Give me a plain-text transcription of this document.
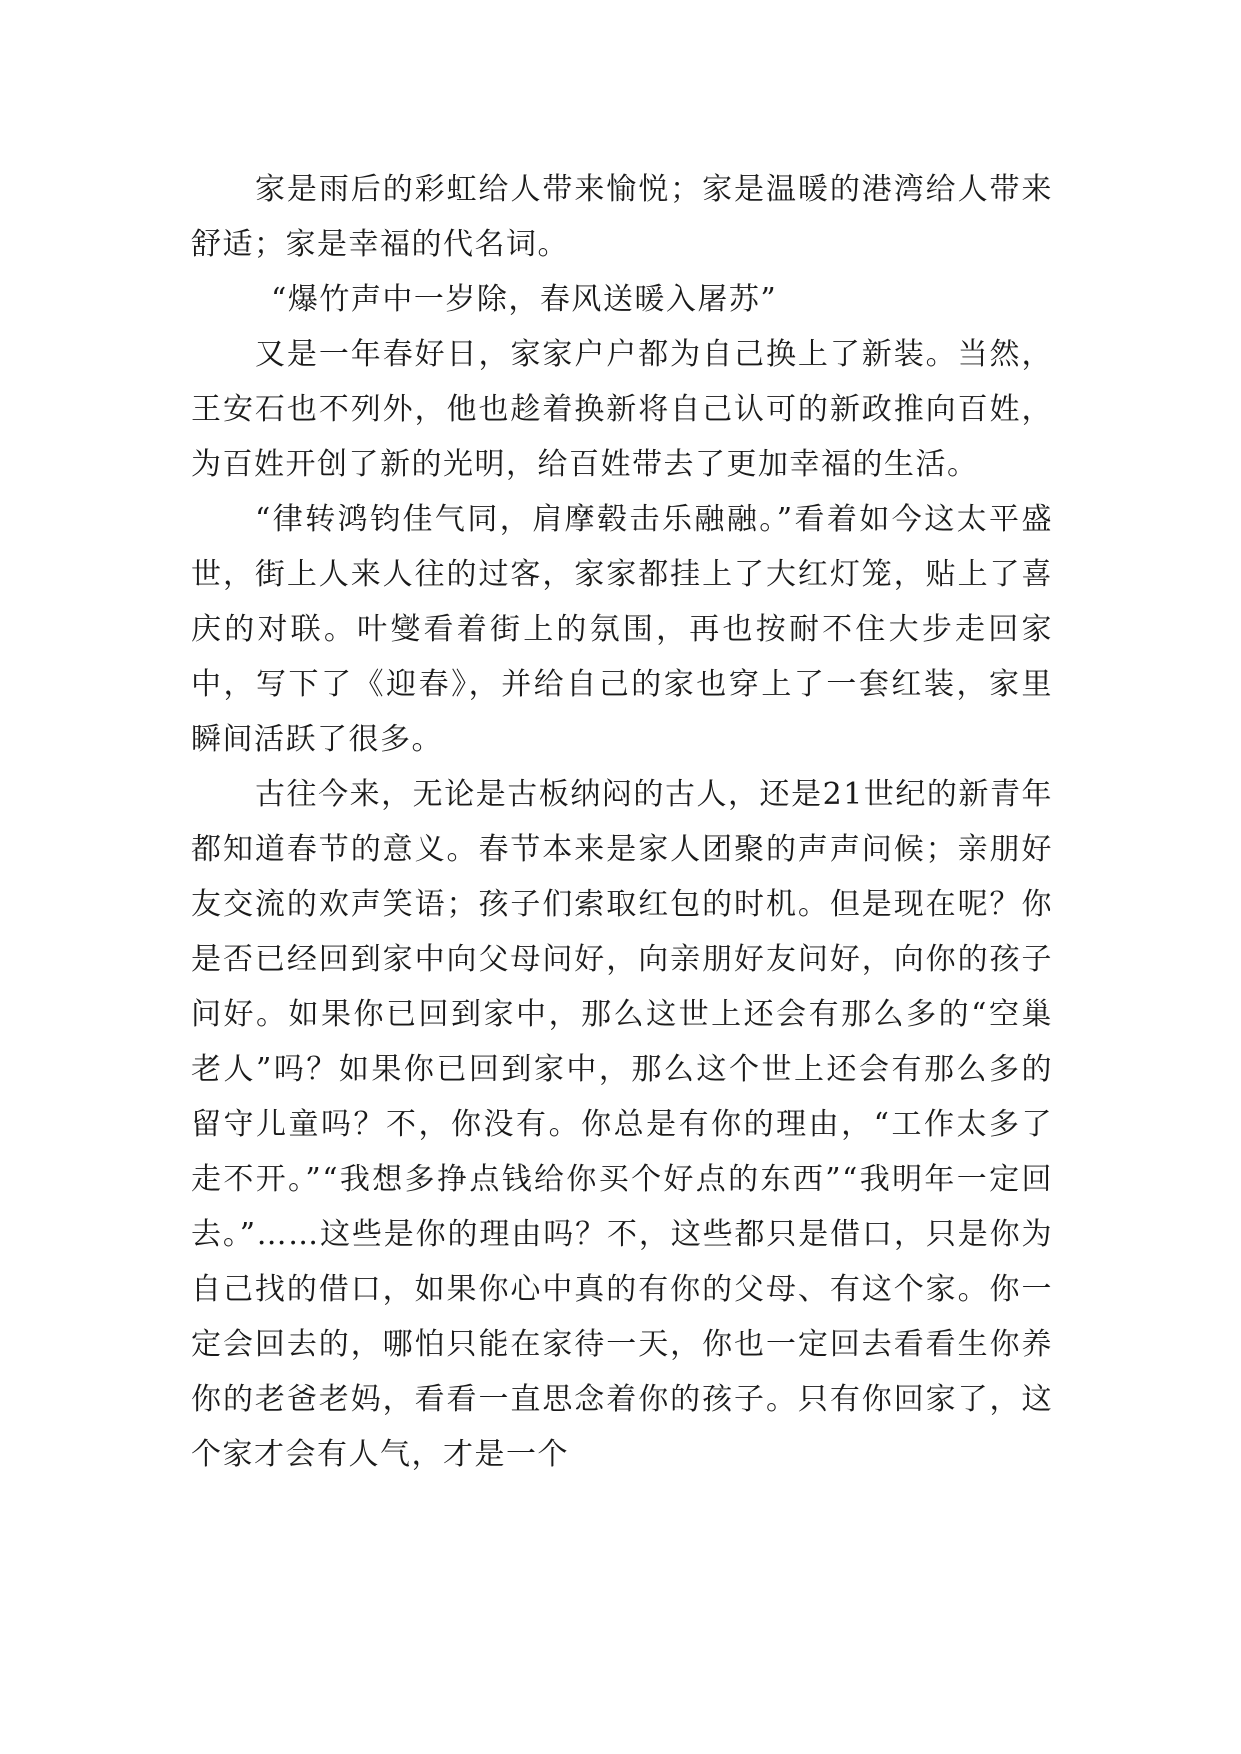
家是雨后的彩虹给人带来愉悦；家是温暖的港湾给人带来舒适；家是幸福的代名词。

“爆竹声中一岁除，春风送暖入屠苏”

又是一年春好日，家家户户都为自己换上了新装。当然，王安石也不列外，他也趁着换新将自己认可的新政推向百姓，为百姓开创了新的光明，给百姓带去了更加幸福的生活。

“律转鸿钧佳气同，肩摩毂击乐融融。”看着如今这太平盛世，街上人来人往的过客，家家都挂上了大红灯笼，贴上了喜庆的对联。叶燮看着街上的氛围，再也按耐不住大步走回家中，写下了《迎春》，并给自己的家也穿上了一套红装，家里瞬间活跃了很多。

古往今来，无论是古板纳闷的古人，还是21世纪的新青年都知道春节的意义。春节本来是家人团聚的声声问候；亲朋好友交流的欢声笑语；孩子们索取红包的时机。但是现在呢？你是否已经回到家中向父母问好，向亲朋好友问好，向你的孩子问好。如果你已回到家中，那么这世上还会有那么多的“空巢老人”吗？如果你已回到家中，那么这个世上还会有那么多的留守儿童吗？不，你没有。你总是有你的理由，“工作太多了走不开。”“我想多挣点钱给你买个好点的东西”“我明年一定回去。”……这些是你的理由吗？不，这些都只是借口，只是你为自己找的借口，如果你心中真的有你的父母、有这个家。你一定会回去的，哪怕只能在家待一天，你也一定回去看看生你养你的老爸老妈，看看一直思念着你的孩子。只有你回家了，这个家才会有人气，才是一个
